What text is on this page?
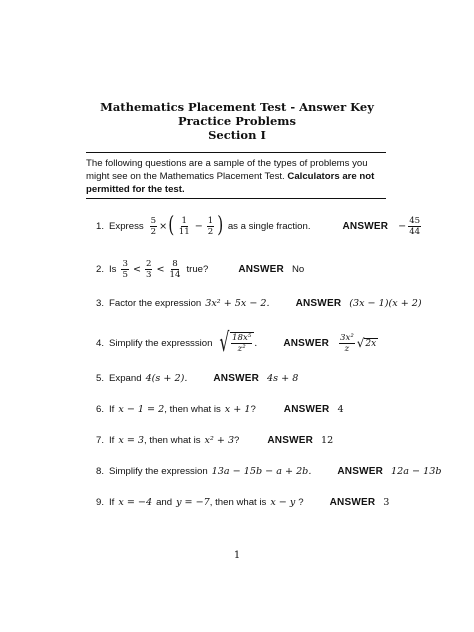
Mathematics Placement Test - Answer Key
Practice Problems
Section I
The following questions are a sample of the types of problems you might see on the Mathematics Placement Test. Calculators are not permitted for the test.
1. Express $\frac{5}{2}$ × ( $\frac{1}{11} - \frac{1}{2}$ ) as a single fraction.	ANSWER − $\frac{45}{44}$
2. Is $\frac{3}{5} < \frac{2}{3} < \frac{8}{14}$ true?	ANSWER No
3. Factor the expression 3x² + 5x − 2.	ANSWER (3x − 1)(x + 2)
4. Simplify the expresssion √ $\frac{\text{18x⁵}}{\text{z²}}$ .	ANSWER $\frac{\text{3x²}}{z}$ √ 2x
5. Expand 4(s + 2).	ANSWER 4s + 8
6. If x − 1 = 2 , then what is x + 1 ?	ANSWER 4
7. If x = 3 , then what is x² + 3 ?	ANSWER 12
8. Simplify the expression 13a − 15b − a + 2b.	ANSWER 12a − 13b
9. If x = −4 and y = −7 , then what is x − y ?	ANSWER 3
1
